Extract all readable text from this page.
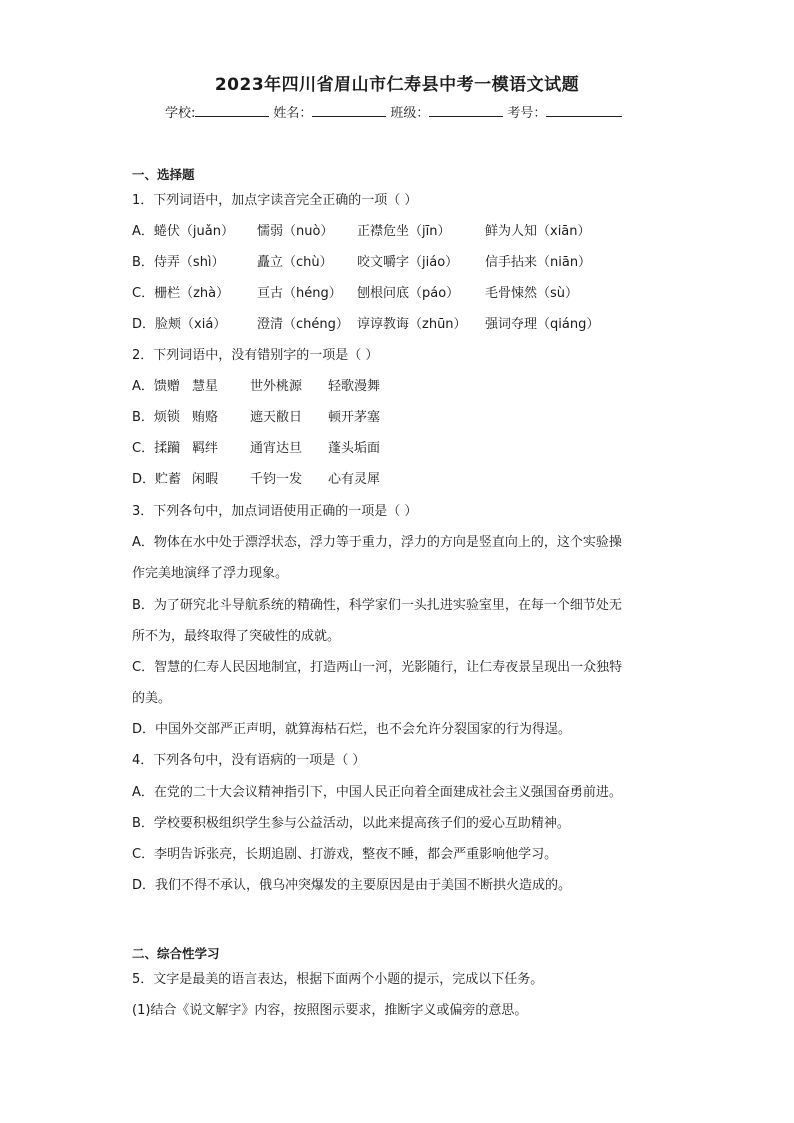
2023年四川省眉山市仁寿县中考一模语文试题
学校:	姓名：	班级：	考号：
一、选择题
1．下列词语中，加点字读音完全正确的一项（ ）
A．蜷伏（juǎn） 懦弱（nuò） 正襟危坐（jīn）	鲜为人知（xiān）
B．侍弄（shì） 矗立（chù） 咬文嚼字（jiáo） 信手拈来（niān）
C．栅栏（zhà） 亘古（héng） 刨根问底（páo） 毛骨悚然（sù）
D．脸颊（xiá） 澄清（chéng） 谆谆教诲（zhūn） 强词夺理（qiáng）
2．下列词语中，没有错别字的一项是（ ）
A．馈赠 慧星 世外桃源 轻歌漫舞
B．烦锁 贿赂 遮天敝日 顿开茅塞
C．揉躏 羁绊 通宵达旦 蓬头垢面
D．贮蓄 闲暇 千钧一发 心有灵犀
3．下列各句中，加点词语使用正确的一项是（ ）
A．物体在水中处于漂浮状态，浮力等于重力，浮力的方向是竖直向上的，这个实验操
作完美地演绎了浮力现象。
B．为了研究北斗导航系统的精确性，科学家们一头扎进实验室里，在每一个细节处无
所不为，最终取得了突破性的成就。
C．智慧的仁寿人民因地制宜，打造两山一河，光影随行，让仁寿夜景呈现出一众独特
的美。
D．中国外交部严正声明，就算海枯石烂，也不会允许分裂国家的行为得逞。
4．下列各句中，没有语病的一项是（ ）
A．在党的二十大会议精神指引下，中国人民正向着全面建成社会主义强国奋勇前进。
B．学校要积极组织学生参与公益活动，以此来提高孩子们的爱心互助精神。
C．李明告诉张亮，长期追剧、打游戏，整夜不睡，都会严重影响他学习。
D．我们不得不承认，俄乌冲突爆发的主要原因是由于美国不断拱火造成的。
二、综合性学习
5．文字是最美的语言表达，根据下面两个小题的提示，完成以下任务。
(1)结合《说文解字》内容，按照图示要求，推断字义或偏旁的意思。
